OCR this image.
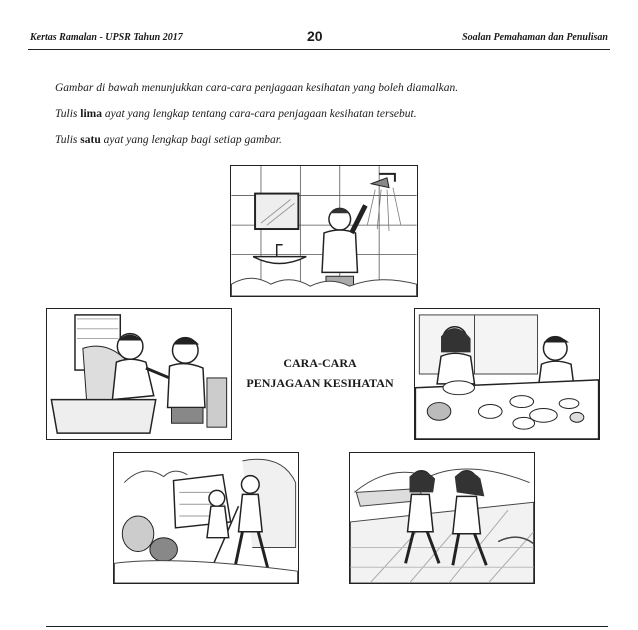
Kertas Ramalan - UPSR Tahun 2017	20	Soalan Pemahaman dan Penulisan

Gambar di bawah menunjukkan cara-cara penjagaan kesihatan yang boleh diamalkan.

Tulis lima ayat yang lengkap tentang cara-cara penjagaan kesihatan tersebut.

Tulis satu ayat yang lengkap bagi setiap gambar.

CARA-CARA
PENJAGAAN KESIHATAN
